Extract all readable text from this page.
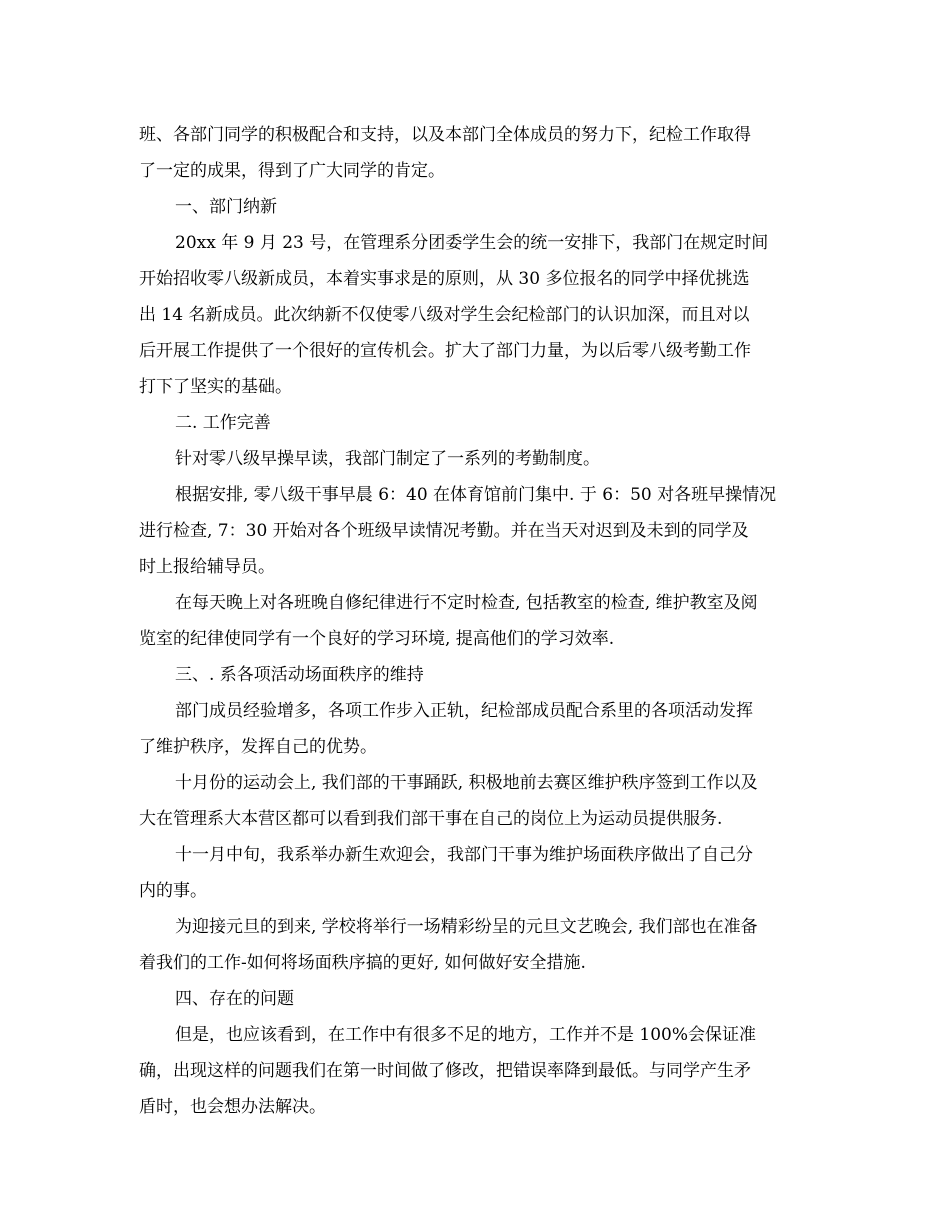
班、各部门同学的积极配合和支持，以及本部门全体成员的努力下，纪检工作取得
了一定的成果，得到了广大同学的肯定。
一、部门纳新
20xx 年 9 月 23 号，在管理系分团委学生会的统一安排下，我部门在规定时间
开始招收零八级新成员，本着实事求是的原则，从 30 多位报名的同学中择优挑选
出 14 名新成员。此次纳新不仅使零八级对学生会纪检部门的认识加深，而且对以
后开展工作提供了一个很好的宣传机会。扩大了部门力量，为以后零八级考勤工作
打下了坚实的基础。
二. 工作完善
针对零八级早操早读，我部门制定了一系列的考勤制度。
根据安排, 零八级干事早晨 6：40 在体育馆前门集中. 于 6：50 对各班早操情况
进行检查, 7：30 开始对各个班级早读情况考勤。并在当天对迟到及未到的同学及
时上报给辅导员。
在每天晚上对各班晚自修纪律进行不定时检查, 包括教室的检查, 维护教室及阅
览室的纪律使同学有一个良好的学习环境, 提高他们的学习效率.
三、. 系各项活动场面秩序的维持
部门成员经验增多，各项工作步入正轨，纪检部成员配合系里的各项活动发挥
了维护秩序，发挥自己的优势。
十月份的运动会上, 我们部的干事踊跃, 积极地前去赛区维护秩序签到工作以及
大在管理系大本营区都可以看到我们部干事在自己的岗位上为运动员提供服务.
十一月中旬，我系举办新生欢迎会，我部门干事为维护场面秩序做出了自己分
内的事。
为迎接元旦的到来, 学校将举行一场精彩纷呈的元旦文艺晚会, 我们部也在准备
着我们的工作-如何将场面秩序搞的更好, 如何做好安全措施.
四、存在的问题
但是，也应该看到，在工作中有很多不足的地方，工作并不是 100%会保证准
确，出现这样的问题我们在第一时间做了修改，把错误率降到最低。与同学产生矛
盾时，也会想办法解决。
